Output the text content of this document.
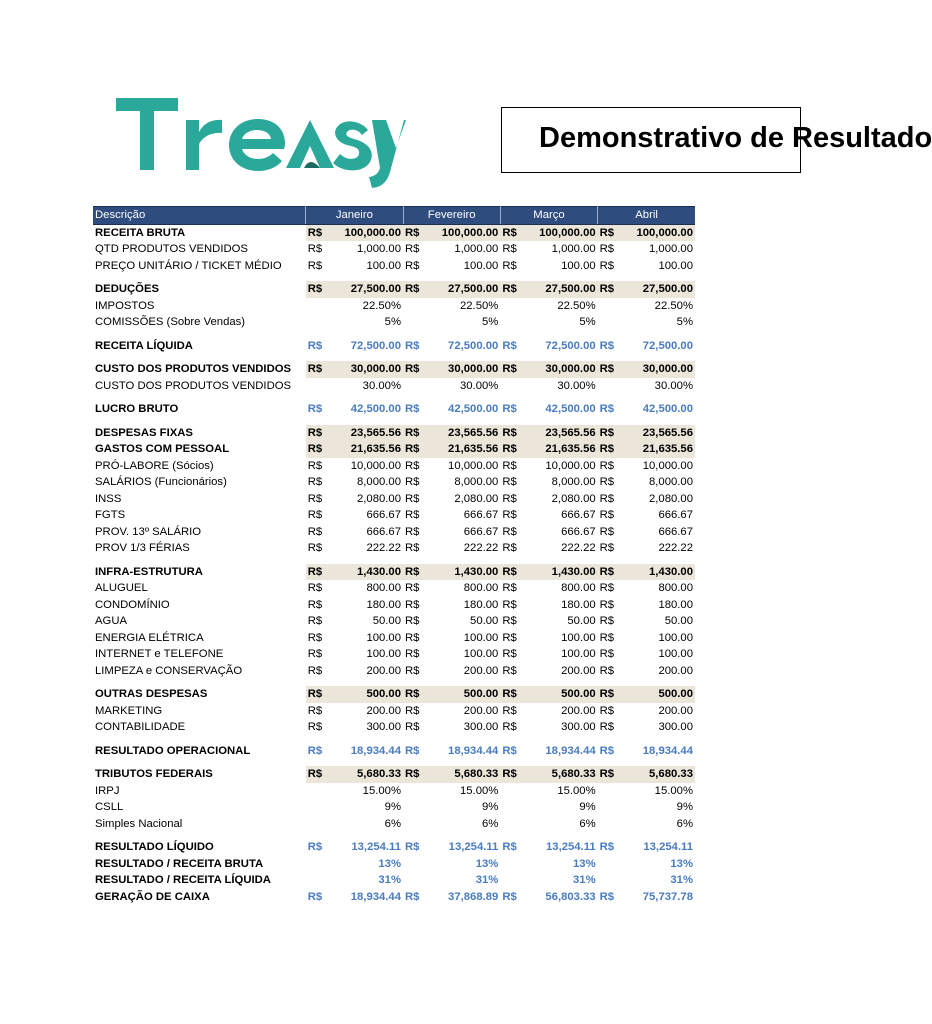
Demonstrativo de Resultado
Descrição	Janeiro		Fevereiro		Março		Abril	
RECEITA BRUTA	R$	100,000.00	R$	100,000.00	R$	100,000.00	R$	100,000.00
QTD PRODUTOS VENDIDOS	R$	1,000.00	R$	1,000.00	R$	1,000.00	R$	1,000.00
PREÇO UNITÁRIO / TICKET MÉDIO	R$	100.00	R$	100.00	R$	100.00	R$	100.00

DEDUÇÕES	R$	27,500.00	R$	27,500.00	R$	27,500.00	R$	27,500.00
IMPOSTOS		22.50%		22.50%		22.50%		22.50%
COMISSÕES (Sobre Vendas)		5%		5%		5%		5%

RECEITA LÍQUIDA	R$	72,500.00	R$	72,500.00	R$	72,500.00	R$	72,500.00

CUSTO DOS PRODUTOS VENDIDOS	R$	30,000.00	R$	30,000.00	R$	30,000.00	R$	30,000.00
CUSTO DOS PRODUTOS VENDIDOS		30.00%		30.00%		30.00%		30.00%

LUCRO BRUTO	R$	42,500.00	R$	42,500.00	R$	42,500.00	R$	42,500.00

DESPESAS FIXAS	R$	23,565.56	R$	23,565.56	R$	23,565.56	R$	23,565.56
GASTOS COM PESSOAL	R$	21,635.56	R$	21,635.56	R$	21,635.56	R$	21,635.56
PRÓ-LABORE (Sócios)	R$	10,000.00	R$	10,000.00	R$	10,000.00	R$	10,000.00
SALÁRIOS (Funcionários)	R$	8,000.00	R$	8,000.00	R$	8,000.00	R$	8,000.00
INSS	R$	2,080.00	R$	2,080.00	R$	2,080.00	R$	2,080.00
FGTS	R$	666.67	R$	666.67	R$	666.67	R$	666.67
PROV. 13º SALÁRIO	R$	666.67	R$	666.67	R$	666.67	R$	666.67
PROV 1/3 FÉRIAS	R$	222.22	R$	222.22	R$	222.22	R$	222.22

INFRA-ESTRUTURA	R$	1,430.00	R$	1,430.00	R$	1,430.00	R$	1,430.00
ALUGUEL	R$	800.00	R$	800.00	R$	800.00	R$	800.00
CONDOMÍNIO	R$	180.00	R$	180.00	R$	180.00	R$	180.00
AGUA	R$	50.00	R$	50.00	R$	50.00	R$	50.00
ENERGIA ELÉTRICA	R$	100.00	R$	100.00	R$	100.00	R$	100.00
INTERNET e TELEFONE	R$	100.00	R$	100.00	R$	100.00	R$	100.00
LIMPEZA e CONSERVAÇÃO	R$	200.00	R$	200.00	R$	200.00	R$	200.00

OUTRAS DESPESAS	R$	500.00	R$	500.00	R$	500.00	R$	500.00
MARKETING	R$	200.00	R$	200.00	R$	200.00	R$	200.00
CONTABILIDADE	R$	300.00	R$	300.00	R$	300.00	R$	300.00

RESULTADO OPERACIONAL	R$	18,934.44	R$	18,934.44	R$	18,934.44	R$	18,934.44

TRIBUTOS FEDERAIS	R$	5,680.33	R$	5,680.33	R$	5,680.33	R$	5,680.33
IRPJ		15.00%		15.00%		15.00%		15.00%
CSLL		9%		9%		9%		9%
Simples Nacional		6%		6%		6%		6%

RESULTADO LÍQUIDO	R$	13,254.11	R$	13,254.11	R$	13,254.11	R$	13,254.11
RESULTADO / RECEITA BRUTA		13%		13%		13%		13%
RESULTADO / RECEITA LÍQUIDA		31%		31%		31%		31%
GERAÇÃO DE CAIXA	R$	18,934.44	R$	37,868.89	R$	56,803.33	R$	75,737.78
